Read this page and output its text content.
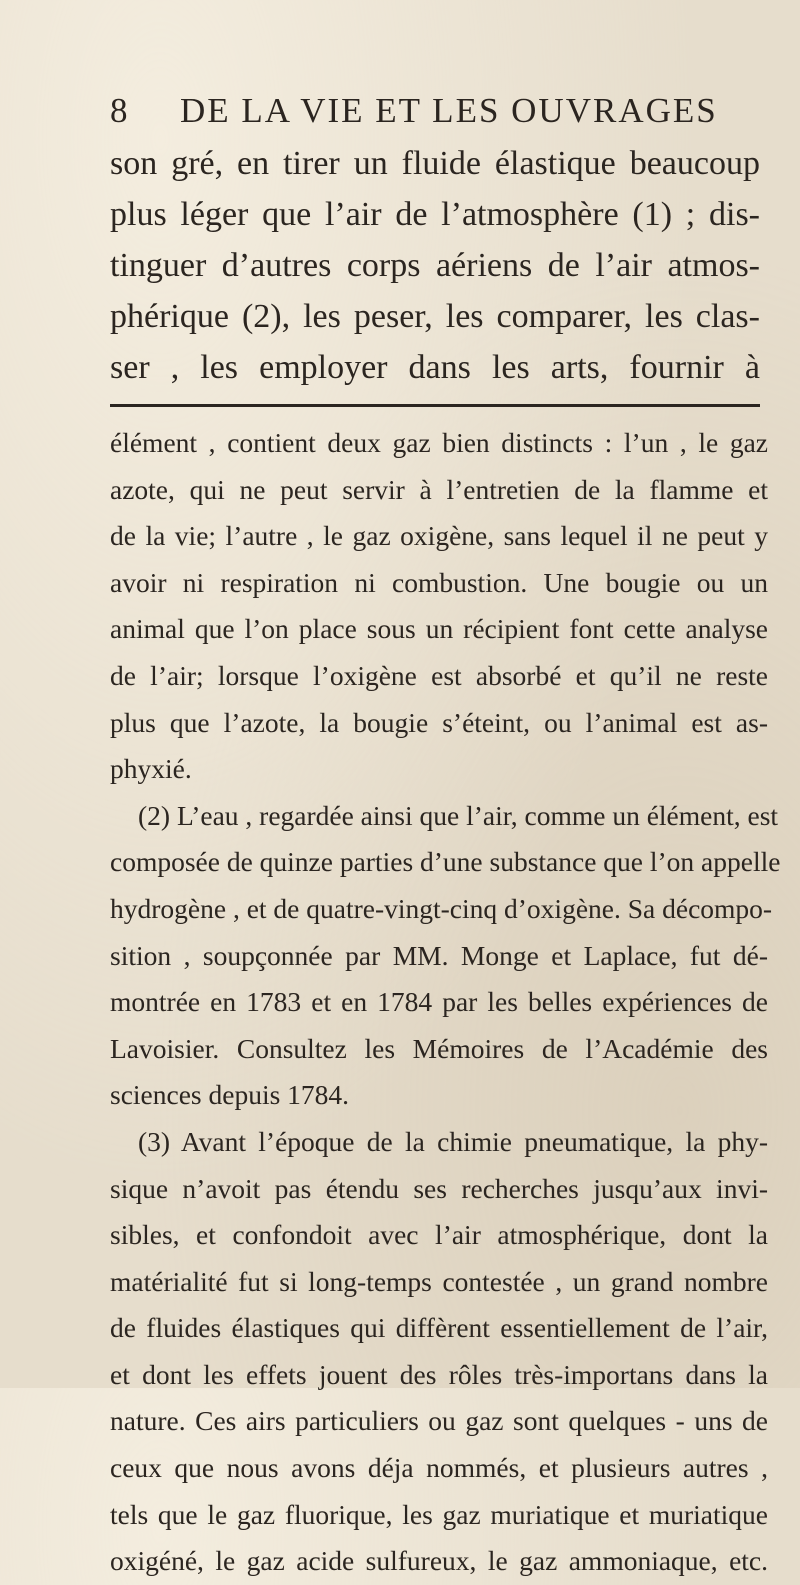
8 DE LA VIE ET LES OUVRAGES
son gré, en tirer un fluide élastique beaucoup
plus léger que l’air de l’atmosphère (1) ; dis-
tinguer d’autres corps aériens de l’air atmos-
phérique (2), les peser, les comparer, les clas-
ser , les employer dans les arts, fournir à
élément , contient deux gaz bien distincts : l’un , le gaz
azote, qui ne peut servir à l’entretien de la flamme et
de la vie; l’autre , le gaz oxigène, sans lequel il ne peut y
avoir ni respiration ni combustion. Une bougie ou un
animal que l’on place sous un récipient font cette analyse
de l’air; lorsque l’oxigène est absorbé et qu’il ne reste
plus que l’azote, la bougie s’éteint, ou l’animal est as-
phyxié.
(2) L’eau , regardée ainsi que l’air, comme un élément, est
composée de quinze parties d’une substance que l’on appelle
hydrogène , et de quatre-vingt-cinq d’oxigène. Sa décompo-
sition , soupçonnée par MM. Monge et Laplace, fut dé-
montrée en 1783 et en 1784 par les belles expériences de
Lavoisier. Consultez les Mémoires de l’Académie des
sciences depuis 1784.
(3) Avant l’époque de la chimie pneumatique, la phy-
sique n’avoit pas étendu ses recherches jusqu’aux invi-
sibles, et confondoit avec l’air atmosphérique, dont la
matérialité fut si long-temps contestée , un grand nombre
de fluides élastiques qui diffèrent essentiellement de l’air,
et dont les effets jouent des rôles très-importans dans la
nature. Ces airs particuliers ou gaz sont quelques - uns de
ceux que nous avons déja nommés, et plusieurs autres ,
tels que le gaz fluorique, les gaz muriatique et muriatique
oxigéné, le gaz acide sulfureux, le gaz ammoniaque, etc.
